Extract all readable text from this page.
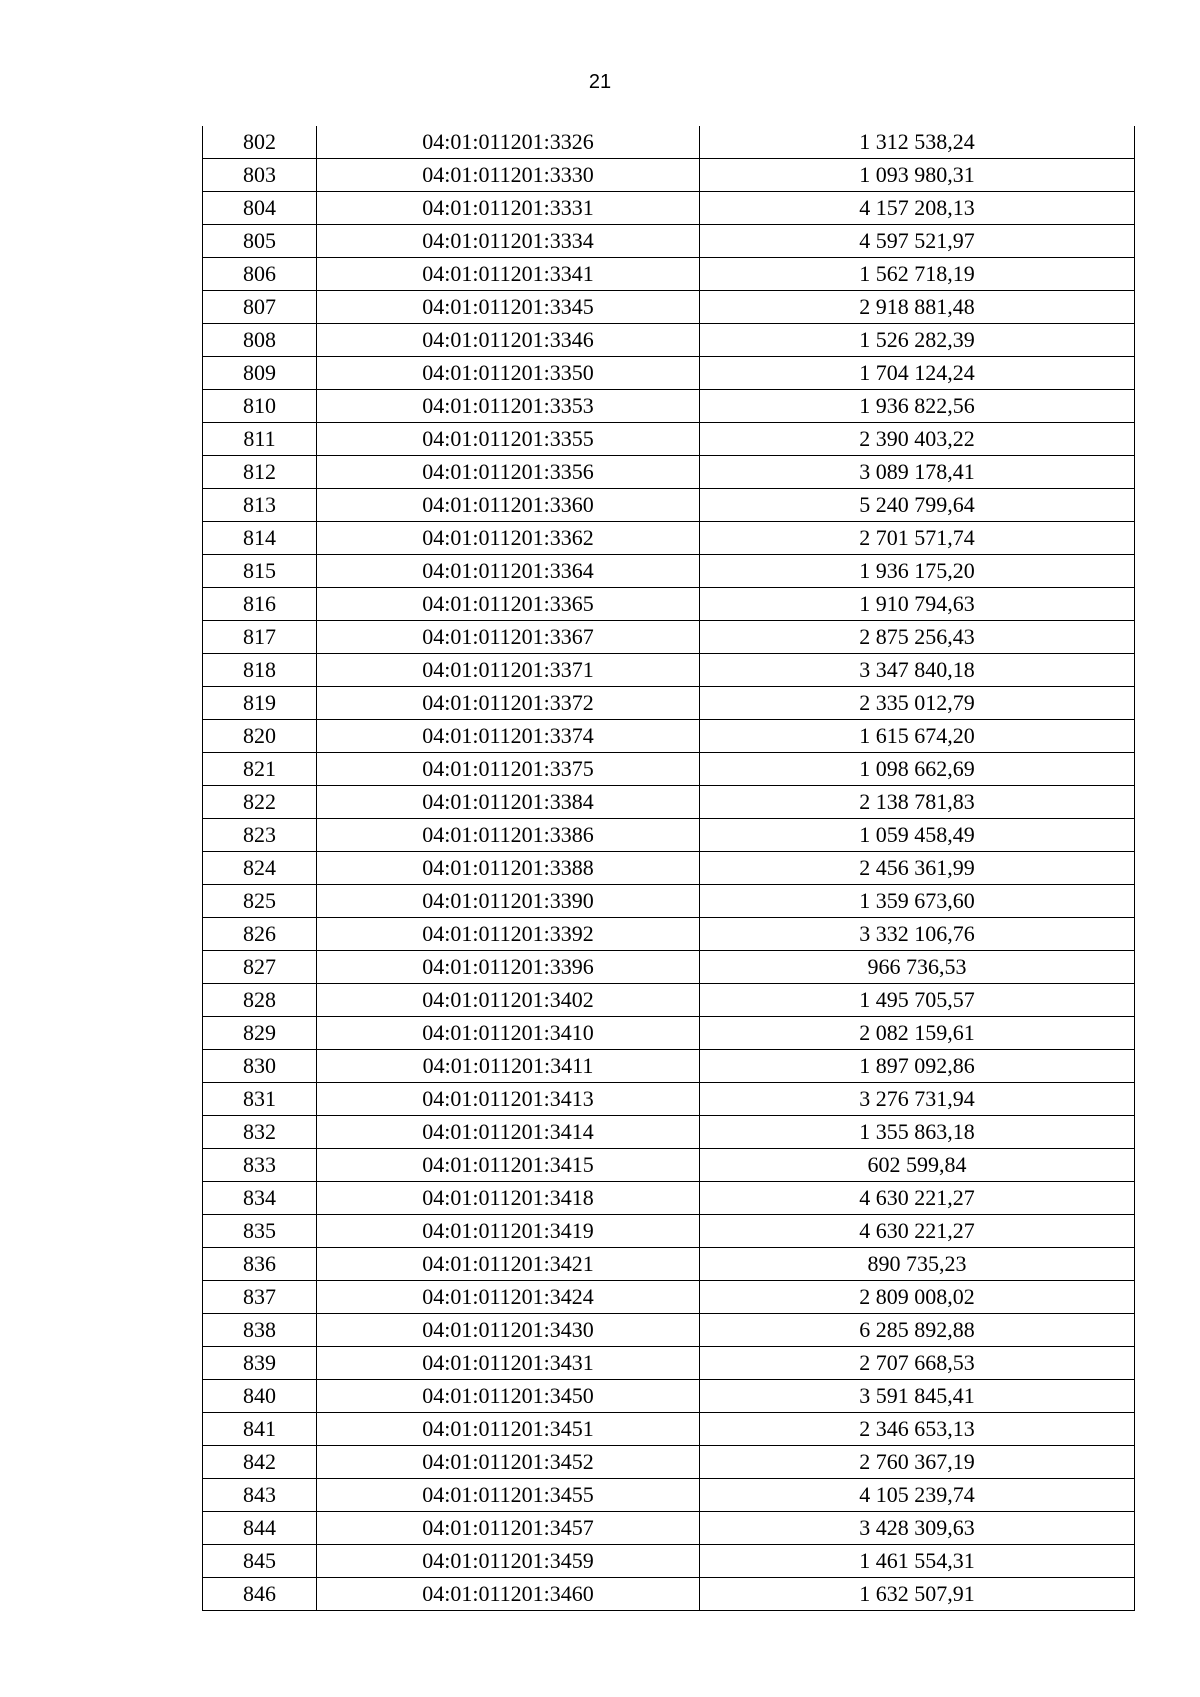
21
802	04:01:011201:3326	1 312 538,24
803	04:01:011201:3330	1 093 980,31
804	04:01:011201:3331	4 157 208,13
805	04:01:011201:3334	4 597 521,97
806	04:01:011201:3341	1 562 718,19
807	04:01:011201:3345	2 918 881,48
808	04:01:011201:3346	1 526 282,39
809	04:01:011201:3350	1 704 124,24
810	04:01:011201:3353	1 936 822,56
811	04:01:011201:3355	2 390 403,22
812	04:01:011201:3356	3 089 178,41
813	04:01:011201:3360	5 240 799,64
814	04:01:011201:3362	2 701 571,74
815	04:01:011201:3364	1 936 175,20
816	04:01:011201:3365	1 910 794,63
817	04:01:011201:3367	2 875 256,43
818	04:01:011201:3371	3 347 840,18
819	04:01:011201:3372	2 335 012,79
820	04:01:011201:3374	1 615 674,20
821	04:01:011201:3375	1 098 662,69
822	04:01:011201:3384	2 138 781,83
823	04:01:011201:3386	1 059 458,49
824	04:01:011201:3388	2 456 361,99
825	04:01:011201:3390	1 359 673,60
826	04:01:011201:3392	3 332 106,76
827	04:01:011201:3396	966 736,53
828	04:01:011201:3402	1 495 705,57
829	04:01:011201:3410	2 082 159,61
830	04:01:011201:3411	1 897 092,86
831	04:01:011201:3413	3 276 731,94
832	04:01:011201:3414	1 355 863,18
833	04:01:011201:3415	602 599,84
834	04:01:011201:3418	4 630 221,27
835	04:01:011201:3419	4 630 221,27
836	04:01:011201:3421	890 735,23
837	04:01:011201:3424	2 809 008,02
838	04:01:011201:3430	6 285 892,88
839	04:01:011201:3431	2 707 668,53
840	04:01:011201:3450	3 591 845,41
841	04:01:011201:3451	2 346 653,13
842	04:01:011201:3452	2 760 367,19
843	04:01:011201:3455	4 105 239,74
844	04:01:011201:3457	3 428 309,63
845	04:01:011201:3459	1 461 554,31
846	04:01:011201:3460	1 632 507,91
